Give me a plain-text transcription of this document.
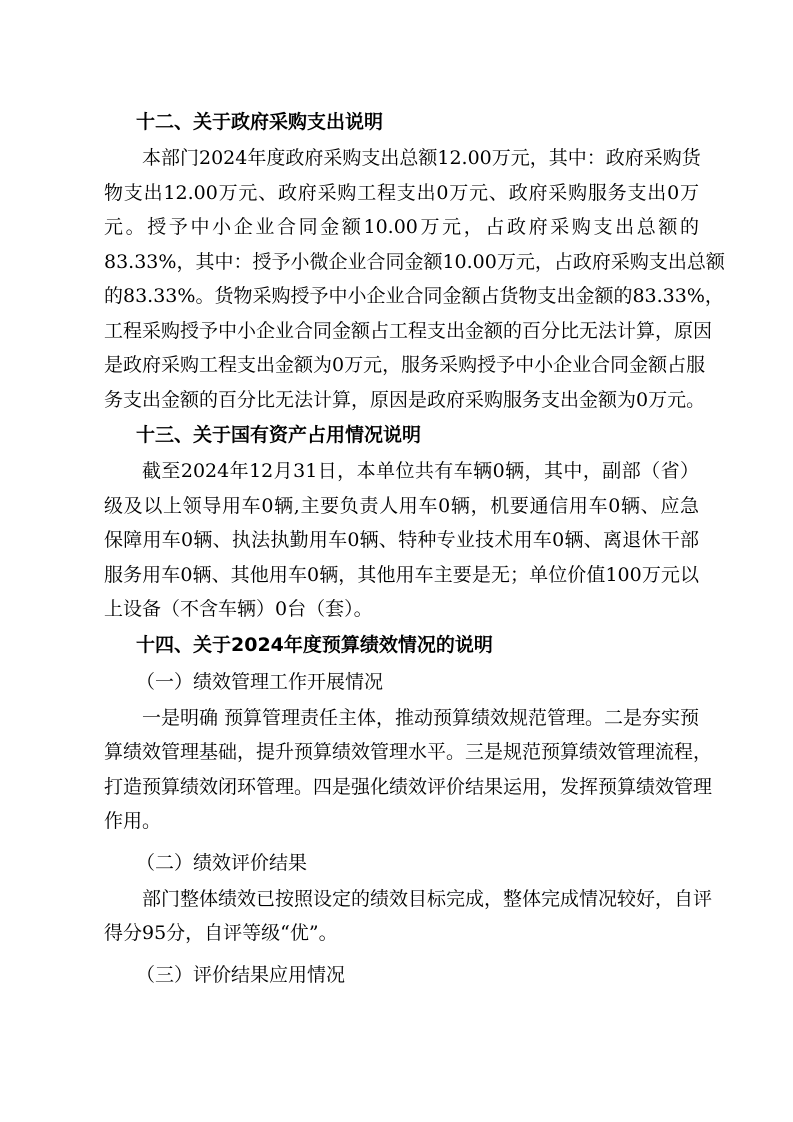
十二、关于政府采购支出说明
本部门2024年度政府采购支出总额12.00万元，其中：政府采购货
物支出12.00万元、政府采购工程支出0万元、政府采购服务支出0万
元。授予中小企业合同金额10.00万元，占政府采购支出总额的
83.33%，其中：授予小微企业合同金额10.00万元，占政府采购支出总额
的83.33%。货物采购授予中小企业合同金额占货物支出金额的83.33%，
工程采购授予中小企业合同金额占工程支出金额的百分比无法计算，原因
是政府采购工程支出金额为0万元，服务采购授予中小企业合同金额占服
务支出金额的百分比无法计算，原因是政府采购服务支出金额为0万元。
十三、关于国有资产占用情况说明
截至2024年12月31日，本单位共有车辆0辆，其中，副部（省）
级及以上领导用车0辆,主要负责人用车0辆，机要通信用车0辆、应急
保障用车0辆、执法执勤用车0辆、特种专业技术用车0辆、离退休干部
服务用车0辆、其他用车0辆，其他用车主要是无；单位价值100万元以
上设备（不含车辆）0台（套）。
十四、关于2024年度预算绩效情况的说明
（一）绩效管理工作开展情况
一是明确 预算管理责任主体，推动预算绩效规范管理。二是夯实预
算绩效管理基础，提升预算绩效管理水平。三是规范预算绩效管理流程，
打造预算绩效闭环管理。四是强化绩效评价结果运用，发挥预算绩效管理
作用。
（二）绩效评价结果
部门整体绩效已按照设定的绩效目标完成，整体完成情况较好，自评
得分95分，自评等级“优”。
（三）评价结果应用情况
